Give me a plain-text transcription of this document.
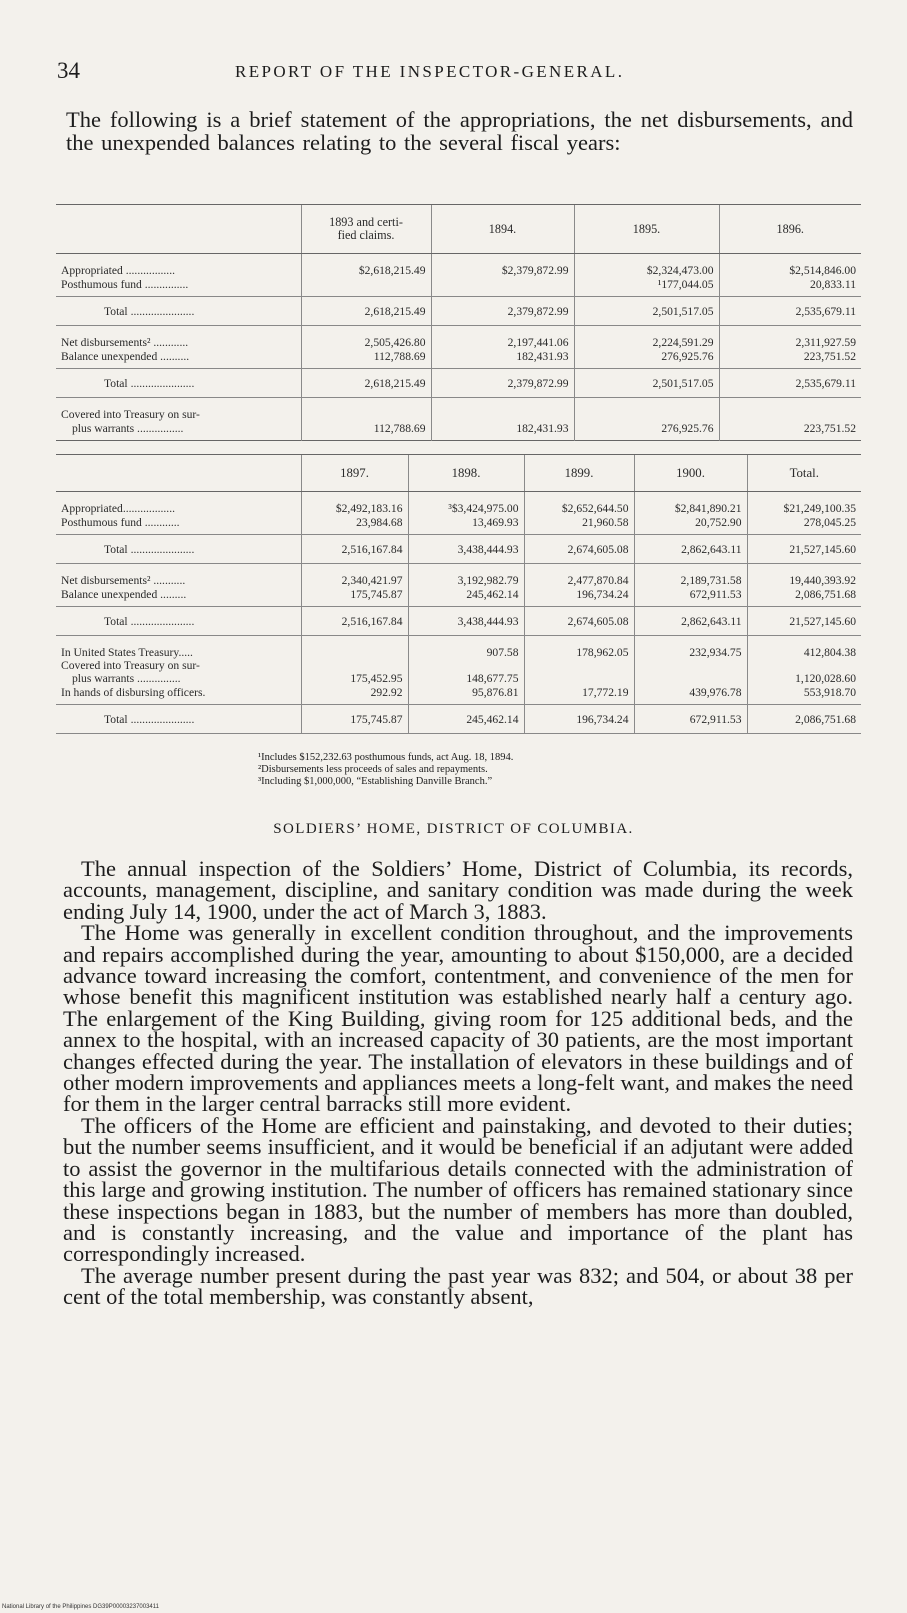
34	REPORT OF THE INSPECTOR-GENERAL.
The following is a brief statement of the appropriations, the net disbursements, and the unexpended balances relating to the several fiscal years:
	1893 and certi-
fied claims.	1894.	1895.	1896.
Appropriated .................	$2,618,215.49	$2,379,872.99	$2,324,473.00	$2,514,846.00
Posthumous fund ...............			¹177,044.05	20,833.11
Total ......................	2,618,215.49	2,379,872.99	2,501,517.05	2,535,679.11
Net disbursements² ............	2,505,426.80	2,197,441.06	2,224,591.29	2,311,927.59
Balance unexpended ..........	112,788.69	182,431.93	276,925.76	223,751.52
Total ......................	2,618,215.49	2,379,872.99	2,501,517.05	2,535,679.11
Covered into Treasury on sur-				
plus warrants ................	112,788.69	182,431.93	276,925.76	223,751.52
	1897.	1898.	1899.	1900.	Total.
Appropriated..................	$2,492,183.16	³$3,424,975.00	$2,652,644.50	$2,841,890.21	$21,249,100.35
Posthumous fund ............	23,984.68	13,469.93	21,960.58	20,752.90	278,045.25
Total ......................	2,516,167.84	3,438,444.93	2,674,605.08	2,862,643.11	21,527,145.60
Net disbursements² ...........	2,340,421.97	3,192,982.79	2,477,870.84	2,189,731.58	19,440,393.92
Balance unexpended .........	175,745.87	245,462.14	196,734.24	672,911.53	2,086,751.68
Total ......................	2,516,167.84	3,438,444.93	2,674,605.08	2,862,643.11	21,527,145.60
In United States Treasury.....		907.58	178,962.05	232,934.75	412,804.38
Covered into Treasury on sur-					
plus warrants ...............	175,452.95	148,677.75			1,120,028.60
In hands of disbursing officers.	292.92	95,876.81	17,772.19	439,976.78	553,918.70
Total ......................	175,745.87	245,462.14	196,734.24	672,911.53	2,086,751.68
¹Includes $152,232.63 posthumous funds, act Aug. 18, 1894.
²Disbursements less proceeds of sales and repayments.
³Including $1,000,000, “Establishing Danville Branch.”
SOLDIERS’ HOME, DISTRICT OF COLUMBIA.

The annual inspection of the Soldiers’ Home, District of Columbia, its records, accounts, management, discipline, and sanitary condition was made during the week ending July 14, 1900, under the act of March 3, 1883.

The Home was generally in excellent condition throughout, and the improvements and repairs accomplished during the year, amounting to about $150,000, are a decided advance toward increasing the comfort, contentment, and convenience of the men for whose benefit this magnificent institution was established nearly half a century ago. The enlargement of the King Building, giving room for 125 additional beds, and the annex to the hospital, with an increased capacity of 30 patients, are the most important changes effected during the year. The installation of elevators in these buildings and of other modern improvements and appliances meets a long-felt want, and makes the need for them in the larger central barracks still more evident.

The officers of the Home are efficient and painstaking, and devoted to their duties; but the number seems insufficient, and it would be beneficial if an adjutant were added to assist the governor in the multifarious details connected with the administration of this large and growing institution. The number of officers has remained stationary since these inspections began in 1883, but the number of members has more than doubled, and is constantly increasing, and the value and importance of the plant has correspondingly increased.

The average number present during the past year was 832; and 504, or about 38 per cent of the total membership, was constantly absent,

National Library of the Philippines DG39P00003237003411
